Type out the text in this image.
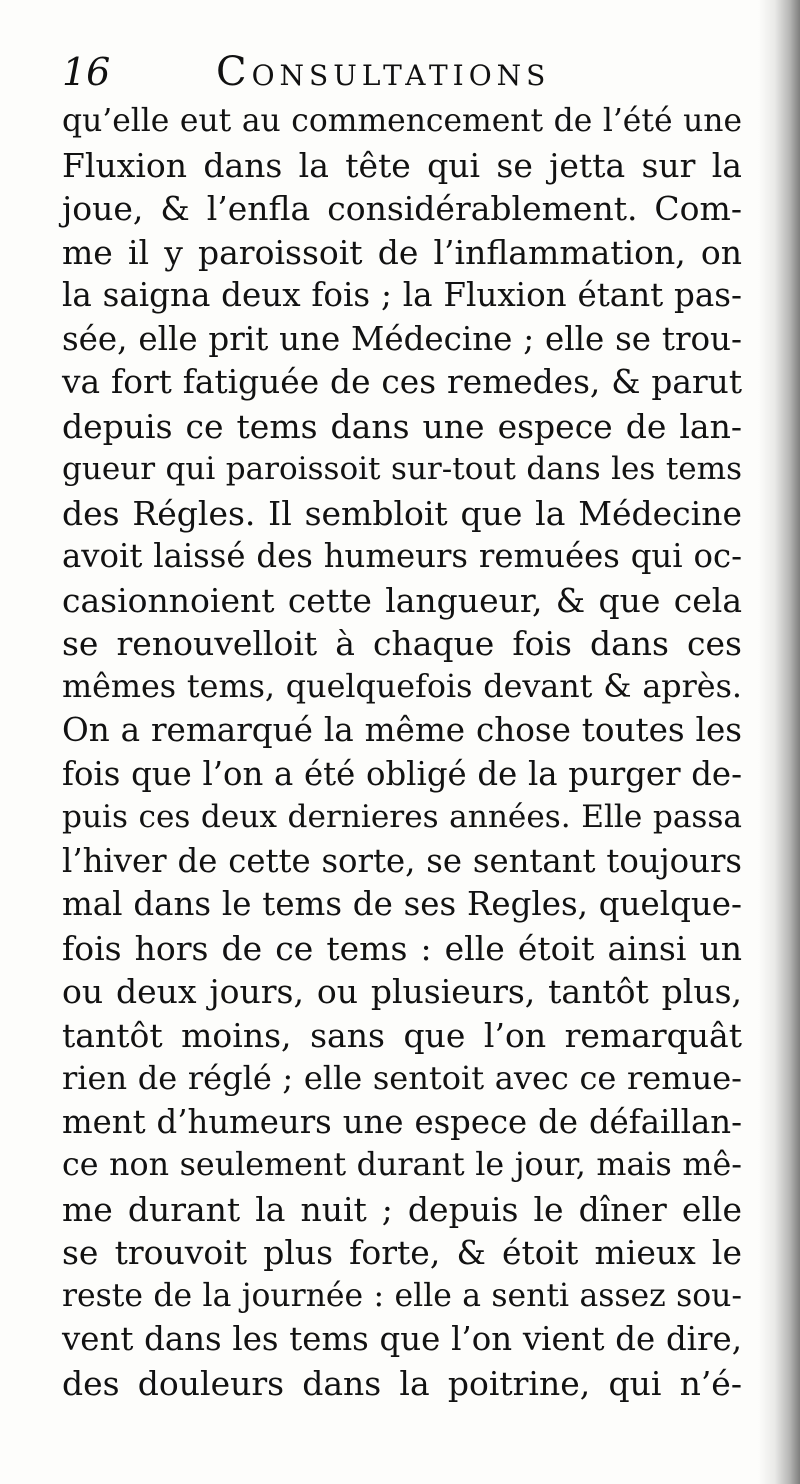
16	Consultations
qu’elle eut au commencement de l’été une
Fluxion dans la tête qui se jetta sur la
joue, & l’enfla considérablement. Com-
me il y paroissoit de l’inflammation, on
la saigna deux fois ; la Fluxion étant pas-
sée, elle prit une Médecine ; elle se trou-
va fort fatiguée de ces remedes, & parut
depuis ce tems dans une espece de lan-
gueur qui paroissoit sur-tout dans les tems
des Régles. Il sembloit que la Médecine
avoit laissé des humeurs remuées qui oc-
casionnoient cette langueur, & que cela
se renouvelloit à chaque fois dans ces
mêmes tems, quelquefois devant & après.
On a remarqué la même chose toutes les
fois que l’on a été obligé de la purger de-
puis ces deux dernieres années. Elle passa
l’hiver de cette sorte, se sentant toujours
mal dans le tems de ses Regles, quelque-
fois hors de ce tems : elle étoit ainsi un
ou deux jours, ou plusieurs, tantôt plus,
tantôt moins, sans que l’on remarquât
rien de réglé ; elle sentoit avec ce remue-
ment d’humeurs une espece de défaillan-
ce non seulement durant le jour, mais mê-
me durant la nuit ; depuis le dîner elle
se trouvoit plus forte, & étoit mieux le
reste de la journée : elle a senti assez sou-
vent dans les tems que l’on vient de dire,
des douleurs dans la poitrine, qui n’é-
